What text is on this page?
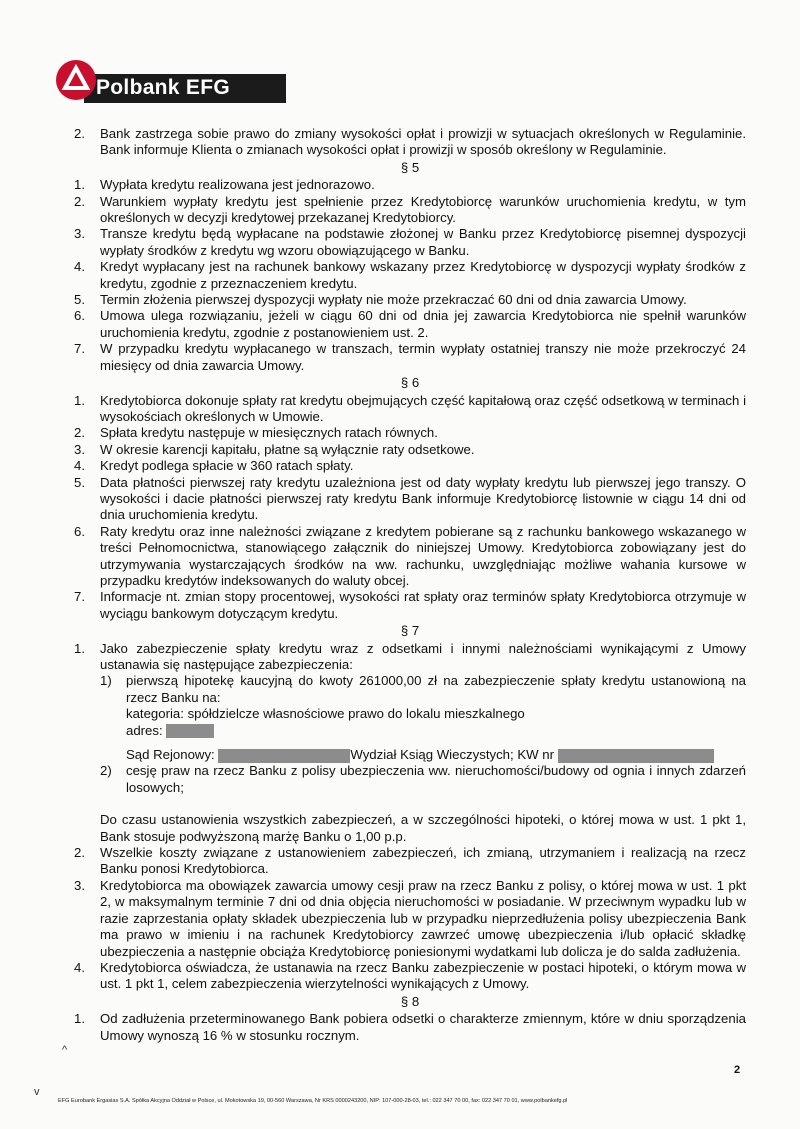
Polbank EFG
2. Bank zastrzega sobie prawo do zmiany wysokości opłat i prowizji w sytuacjach określonych w Regulaminie. Bank informuje Klienta o zmianach wysokości opłat i prowizji w sposób określony w Regulaminie.
§ 5
1. Wypłata kredytu realizowana jest jednorazowo.
2. Warunkiem wypłaty kredytu jest spełnienie przez Kredytobiorcę warunków uruchomienia kredytu, w tym określonych w decyzji kredytowej przekazanej Kredytobiorcy.
3. Transze kredytu będą wypłacane na podstawie złożonej w Banku przez Kredytobiorcę pisemnej dyspozycji wypłaty środków z kredytu wg wzoru obowiązującego w Banku.
4. Kredyt wypłacany jest na rachunek bankowy wskazany przez Kredytobiorcę w dyspozycji wypłaty środków z kredytu, zgodnie z przeznaczeniem kredytu.
5. Termin złożenia pierwszej dyspozycji wypłaty nie może przekraczać 60 dni od dnia zawarcia Umowy.
6. Umowa ulega rozwiązaniu, jeżeli w ciągu 60 dni od dnia jej zawarcia Kredytobiorca nie spełnił warunków uruchomienia kredytu, zgodnie z postanowieniem ust. 2.
7. W przypadku kredytu wypłacanego w transzach, termin wypłaty ostatniej transzy nie może przekroczyć 24 miesięcy od dnia zawarcia Umowy.
§ 6
1. Kredytobiorca dokonuje spłaty rat kredytu obejmujących część kapitałową oraz część odsetkową w terminach i wysokościach określonych w Umowie.
2. Spłata kredytu następuje w miesięcznych ratach równych.
3. W okresie karencji kapitału, płatne są wyłącznie raty odsetkowe.
4. Kredyt podlega spłacie w 360 ratach spłaty.
5. Data płatności pierwszej raty kredytu uzależniona jest od daty wypłaty kredytu lub pierwszej jego transzy. O wysokości i dacie płatności pierwszej raty kredytu Bank informuje Kredytobiorcę listownie w ciągu 14 dni od dnia uruchomienia kredytu.
6. Raty kredytu oraz inne należności związane z kredytem pobierane są z rachunku bankowego wskazanego w treści Pełnomocnictwa, stanowiącego załącznik do niniejszej Umowy. Kredytobiorca zobowiązany jest do utrzymywania wystarczających środków na ww. rachunku, uwzględniając możliwe wahania kursowe w przypadku kredytów indeksowanych do waluty obcej.
7. Informacje nt. zmian stopy procentowej, wysokości rat spłaty oraz terminów spłaty Kredytobiorca otrzymuje w wyciągu bankowym dotyczącym kredytu.
§ 7
1. Jako zabezpieczenie spłaty kredytu wraz z odsetkami i innymi należnościami wynikającymi z Umowy ustanawia się następujące zabezpieczenia:
1) pierwszą hipotekę kaucyjną do kwoty 261000,00 zł na zabezpieczenie spłaty kredytu ustanowioną na rzecz Banku na:
kategoria: spółdzielcze własnościowe prawo do lokalu mieszkalnego
adres:
Sąd Rejonowy:	Wydział Ksiąg Wieczystych; KW nr
2) cesję praw na rzecz Banku z polisy ubezpieczenia ww. nieruchomości/budowy od ognia i innych zdarzeń losowych;
Do czasu ustanowienia wszystkich zabezpieczeń, a w szczególności hipoteki, o której mowa w ust. 1 pkt 1, Bank stosuje podwyższoną marżę Banku o 1,00 p.p.
2. Wszelkie koszty związane z ustanowieniem zabezpieczeń, ich zmianą, utrzymaniem i realizacją na rzecz Banku ponosi Kredytobiorca.
3. Kredytobiorca ma obowiązek zawarcia umowy cesji praw na rzecz Banku z polisy, o której mowa w ust. 1 pkt 2, w maksymalnym terminie 7 dni od dnia objęcia nieruchomości w posiadanie. W przeciwnym wypadku lub w razie zaprzestania opłaty składek ubezpieczenia lub w przypadku nieprzedłużenia polisy ubezpieczenia Bank ma prawo w imieniu i na rachunek Kredytobiorcy zawrzeć umowę ubezpieczenia i/lub opłacić składkę ubezpieczenia a następnie obciąża Kredytobiorcę poniesionymi wydatkami lub dolicza je do salda zadłużenia.
4. Kredytobiorca oświadcza, że ustanawia na rzecz Banku zabezpieczenie w postaci hipoteki, o którym mowa w ust. 1 pkt 1, celem zabezpieczenia wierzytelności wynikających z Umowy.
§ 8
1. Od zadłużenia przeterminowanego Bank pobiera odsetki o charakterze zmiennym, które w dniu sporządzenia Umowy wynoszą 16 % w stosunku rocznym.
^
v
2
EFG Eurobank Ergasias S.A. Spółka Akcyjna Oddział w Polsce, ul. Mokotowska 19, 00-560 Warszawa, Nr KRS 0000243200, NIP: 107-000-28-03, tel.: 022 347 70 00, fax: 022 347 70 01, www.polbankefg.pl
